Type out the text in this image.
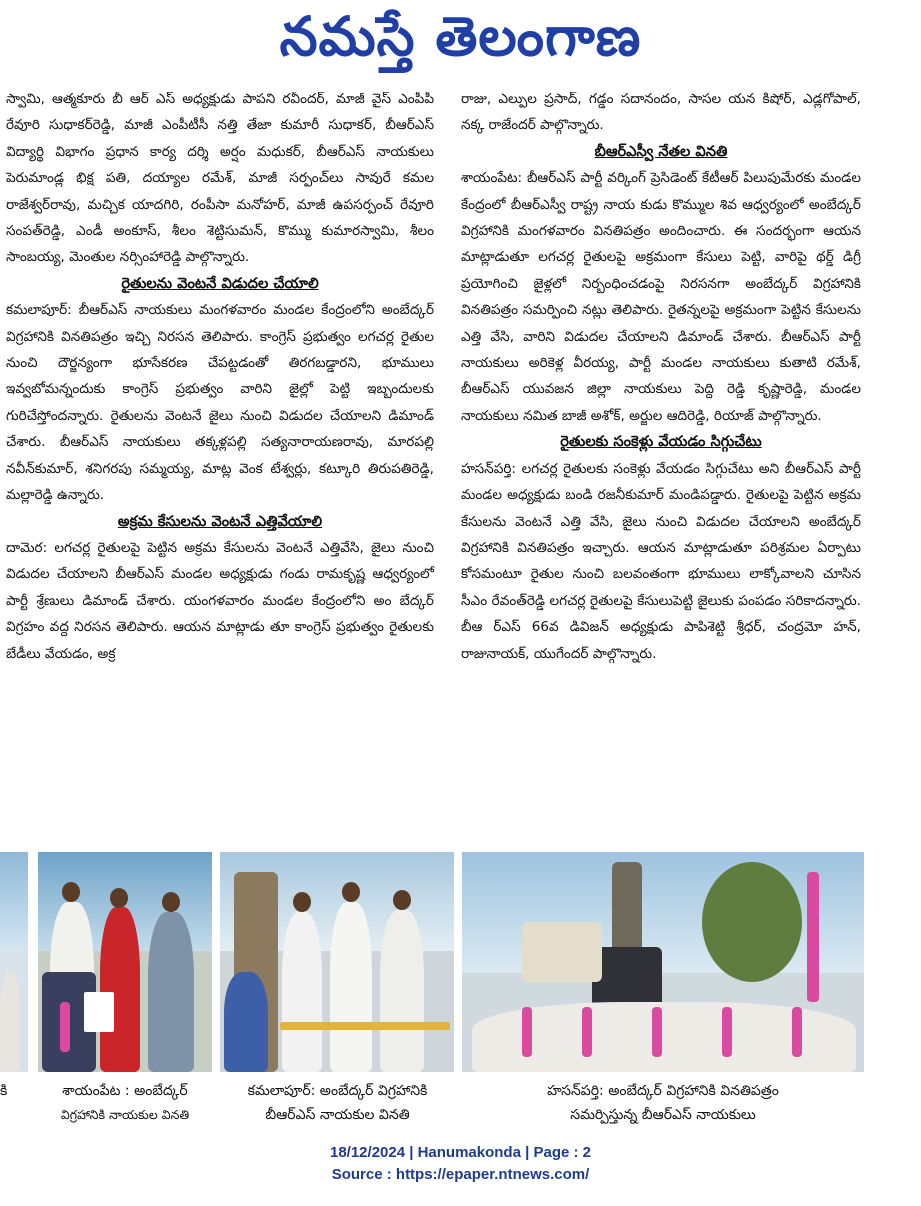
నమస్తే తెలంగాణ

స్వామి, ఆత్మకూరు బీ ఆర్ ఎస్ అధ్యక్షుడు పాపని రవీందర్, మాజీ వైస్ ఎంపీపీ రేవూరి సుధాకర్‌రెడ్డి, మాజీ ఎంపీటీసీ నత్తి తేజా కుమారీ సుధాకర్, బీఆర్ఎస్ విద్యార్థి విభాగం ప్రధాన కార్య దర్శి అర్షం మధుకర్, బీఆర్ఎస్ నాయకులు పెరుమాండ్ల భిక్ష పతి, దయ్యాల రమేశ్, మాజీ సర్పంచ్‌లు సావురే కమల రాజేశ్వర్‌రావు, మచ్చిక యాదగిరి, రంపీసా మనోహర్, మాజీ ఉపసర్పంచ్ రేవూరి సంపత్‌రెడ్డి, ఎండీ అంకూస్, శీలం శెట్టిసుమన్, కొమ్ము కుమారస్వామి, శీలం సాంబయ్య, మెంతుల నర్సింహారెడ్డి పాల్గొన్నారు.

రైతులను వెంటనే విడుదల చేయాలి

కమలాపూర్: బీఆర్ఎస్ నాయకులు మంగళవారం మండల కేంద్రంలోని అంబేద్కర్ విగ్రహానికి వినతిపత్రం ఇచ్చి నిరసన తెలిపారు. కాంగ్రెస్ ప్రభుత్వం లగచర్ల రైతుల నుంచి దౌర్జన్యంగా భూసేకరణ చేపట్టడంతో తిరగబడ్డారని, భూములు ఇవ్వబోమన్నందుకు కాంగ్రెస్ ప్రభుత్వం వారిని జైల్లో పెట్టి ఇబ్బందులకు గురిచేస్తోందన్నారు. రైతులను వెంటనే జైలు నుంచి విడుదల చేయాలని డిమాండ్ చేశారు. బీఆర్ఎస్ నాయకులు తక్కళ్లపల్లి సత్యనారాయణరావు, మారపల్లి నవీన్‌కుమార్, శనిగరపు సమ్మయ్య, మాట్ల వెంక టేశ్వర్లు, కట్కూరి తిరుపతిరెడ్డి, మల్లారెడ్డి ఉన్నారు.

అక్రమ కేసులను వెంటనే ఎత్తివేయాలి

దామెర: లగచర్ల రైతులపై పెట్టిన అక్రమ కేసులను వెంటనే ఎత్తివేసి, జైలు నుంచి విడుదల చేయాలని బీఆర్ఎస్ మండల అధ్యక్షుడు గండు రామకృష్ణ ఆధ్వర్యంలో పార్టీ శ్రేణులు డిమాండ్ చేశారు. యంగళవారం మండల కేంద్రంలోని అం బేద్కర్ విగ్రహం వద్ద నిరసన తెలిపారు. ఆయన మాట్లాడు తూ కాంగ్రెస్ ప్రభుత్వం రైతులకు బేడీలు వేయడం, అక్ర

రాజు, ఎల్పుల ప్రసాద్, గడ్డం సదానందం, సాసల యన కిషోర్, ఎడ్లగోపాల్, నక్క రాజేందర్ పాల్గొన్నారు.

బీఆర్ఎస్వీ నేతల వినతి

శాయంపేట: బీఆర్ఎస్ పార్టీ వర్కింగ్ ప్రెసిడెంట్ కేటీఆర్ పిలుపుమేరకు మండల కేంద్రంలో బీఆర్ఎస్వీ రాష్ట్ర నాయ కుడు కొమ్ముల శివ ఆధ్వర్యంలో అంబేద్కర్ విగ్రహానికి మంగళవారం వినతిపత్రం అందించారు. ఈ సందర్భంగా ఆయన మాట్లాడుతూ లగచర్ల రైతులపై అక్రమంగా కేసులు పెట్టి, వారిపై థర్డ్ డిగ్రీ ప్రయోగించి జైళ్లలో నిర్బంధించడంపై నిరసనగా అంబేద్కర్ విగ్రహానికి వినతిపత్రం సమర్పించి నట్లు తెలిపారు. రైతన్నలపై అక్రమంగా పెట్టిన కేసులను ఎత్తి వేసి, వారిని విడుదల చేయాలని డిమాండ్ చేశారు. బీఆర్ఎస్ పార్టీ నాయకులు అరికెళ్ల వీరయ్య, పార్టీ మండల నాయకులు కుతాటి రమేశ్, బీఆర్ఎస్ యువజన జిల్లా నాయకులు పెద్ది రెడ్డి కృష్ణారెడ్డి, మండల నాయకులు నమిత బాజీ అశోక్, అర్జుల ఆదిరెడ్డి, రియాజ్ పాల్గొన్నారు.

రైతులకు సంకెళ్లు వేయడం సిగ్గుచేటు

హసన్‌పర్తి: లగచర్ల రైతులకు సంకెళ్లు వేయడం సిగ్గుచేటు అని బీఆర్ఎస్ పార్టీ మండల అధ్యక్షుడు బండి రజనీకుమార్ మండిపడ్డారు. రైతులపై పెట్టిన అక్రమ కేసులను వెంటనే ఎత్తి వేసి, జైలు నుంచి విడుదల చేయాలని అంబేద్కర్ విగ్రహానికి వినతిపత్రం ఇచ్చారు. ఆయన మాట్లాడుతూ పరిశ్రమల ఏర్పాటు కోసమంటూ రైతుల నుంచి బలవంతంగా భూములు లాక్కోవాలని చూసిన సీఎం రేవంత్‌రెడ్డి లగచర్ల రైతులపై కేసులుపెట్టి జైలుకు పంపడం సరికాదన్నారు. బీఆ ర్ఎస్ 66వ డివిజన్ అధ్యక్షుడు పాపిశెట్టి శ్రీధర్, చంద్రమో హన్, రాజునాయక్, యుగేందర్ పాల్గొన్నారు.

కి	శాయంపేట : అంబేద్కర్
విగ్రహానికి నాయకుల వినతి
కమలాపూర్: అంబేద్కర్ విగ్రహానికి
బీఆర్ఎస్ నాయకుల వినతి
హసన్‌పర్తి: అంబేద్కర్ విగ్రహానికి వినతిపత్రం
సమర్పిస్తున్న బీఆర్ఎస్ నాయకులు
18/12/2024 | Hanumakonda | Page : 2
Source : https://epaper.ntnews.com/
